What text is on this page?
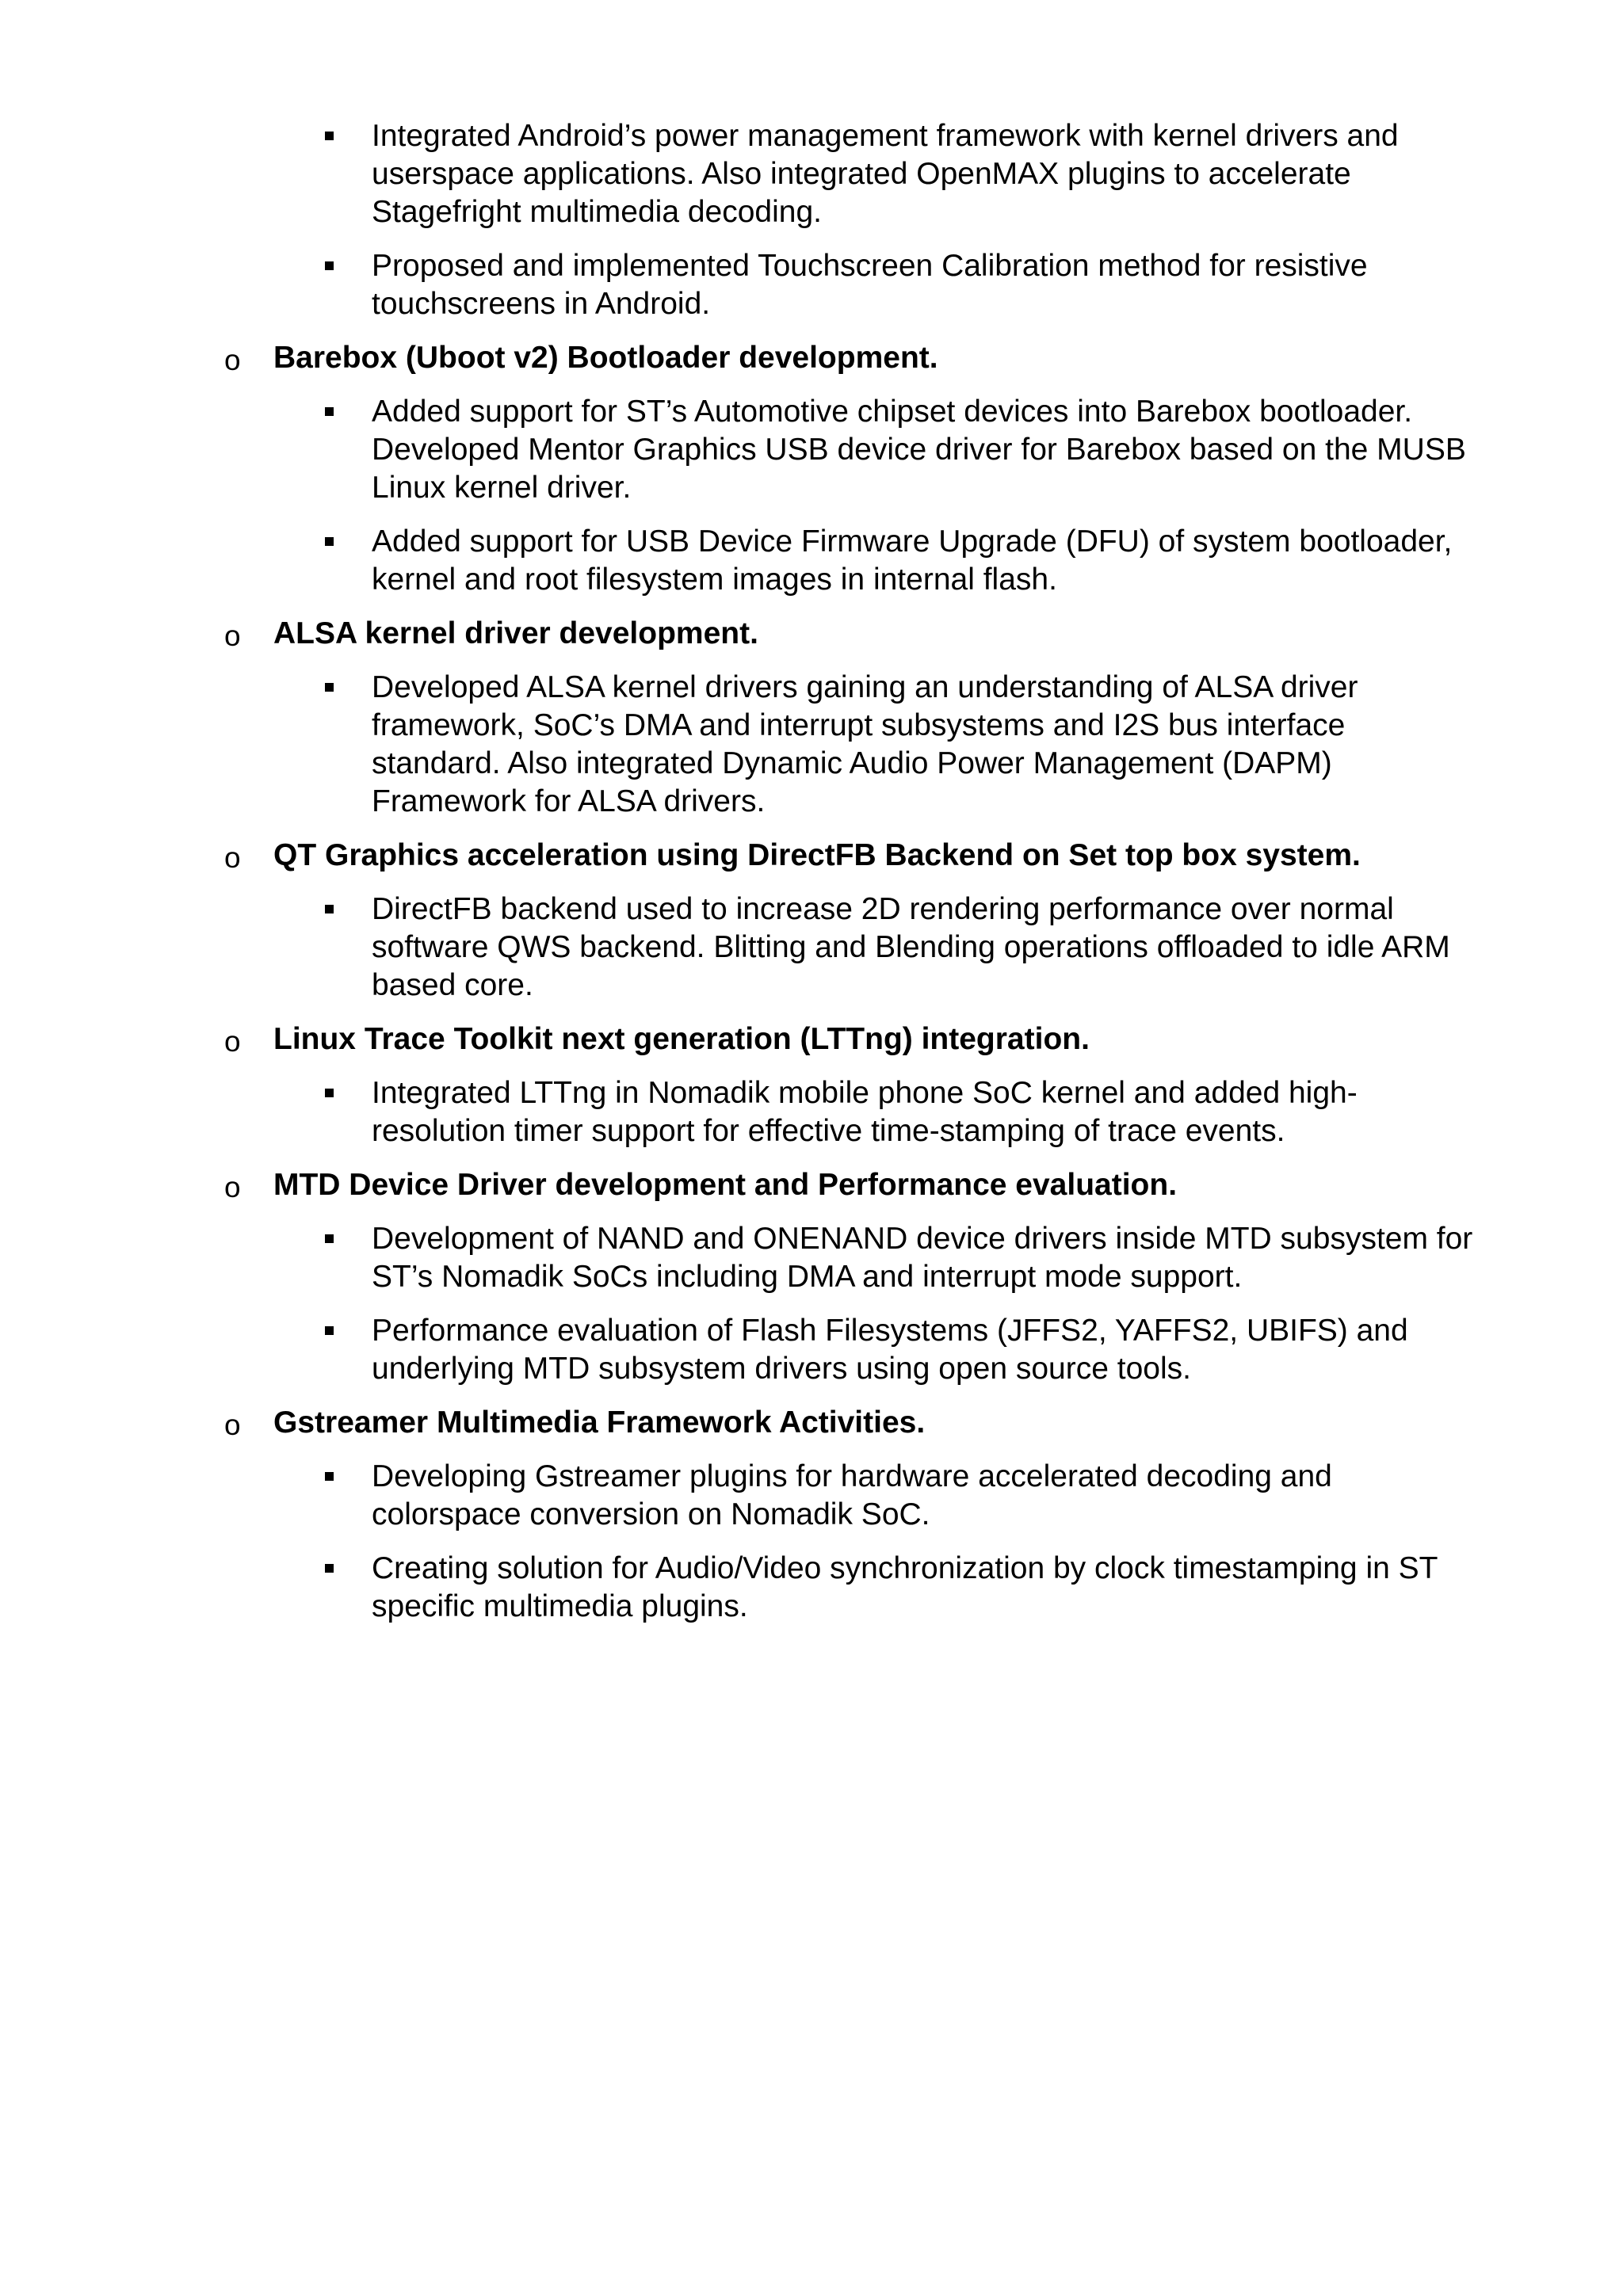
Integrated Android’s power management framework with kernel drivers and
userspace applications. Also integrated OpenMAX plugins to accelerate
Stagefright multimedia decoding.
Proposed and implemented Touchscreen Calibration method for resistive
touchscreens in Android.
o Barebox (Uboot v2) Bootloader development.
Added support for ST’s Automotive chipset devices into Barebox bootloader.
Developed Mentor Graphics USB device driver for Barebox based on the MUSB
Linux kernel driver.
Added support for USB Device Firmware Upgrade (DFU) of system bootloader,
kernel and root filesystem images in internal flash.
o ALSA kernel driver development.
Developed ALSA kernel drivers gaining an understanding of ALSA driver
framework, SoC’s DMA and interrupt subsystems and I2S bus interface
standard. Also integrated Dynamic Audio Power Management (DAPM)
Framework for ALSA drivers.
o QT Graphics acceleration using DirectFB Backend on Set top box system.
DirectFB backend used to increase 2D rendering performance over normal
software QWS backend. Blitting and Blending operations offloaded to idle ARM
based core.
o Linux Trace Toolkit next generation (LTTng) integration.
Integrated LTTng in Nomadik mobile phone SoC kernel and added high-
resolution timer support for effective time-stamping of trace events.
o MTD Device Driver development and Performance evaluation.
Development of NAND and ONENAND device drivers inside MTD subsystem for
ST’s Nomadik SoCs including DMA and interrupt mode support.
Performance evaluation of Flash Filesystems (JFFS2, YAFFS2, UBIFS) and
underlying MTD subsystem drivers using open source tools.
o Gstreamer Multimedia Framework Activities.
Developing Gstreamer plugins for hardware accelerated decoding and
colorspace conversion on Nomadik SoC.
Creating solution for Audio/Video synchronization by clock timestamping in ST
specific multimedia plugins.
